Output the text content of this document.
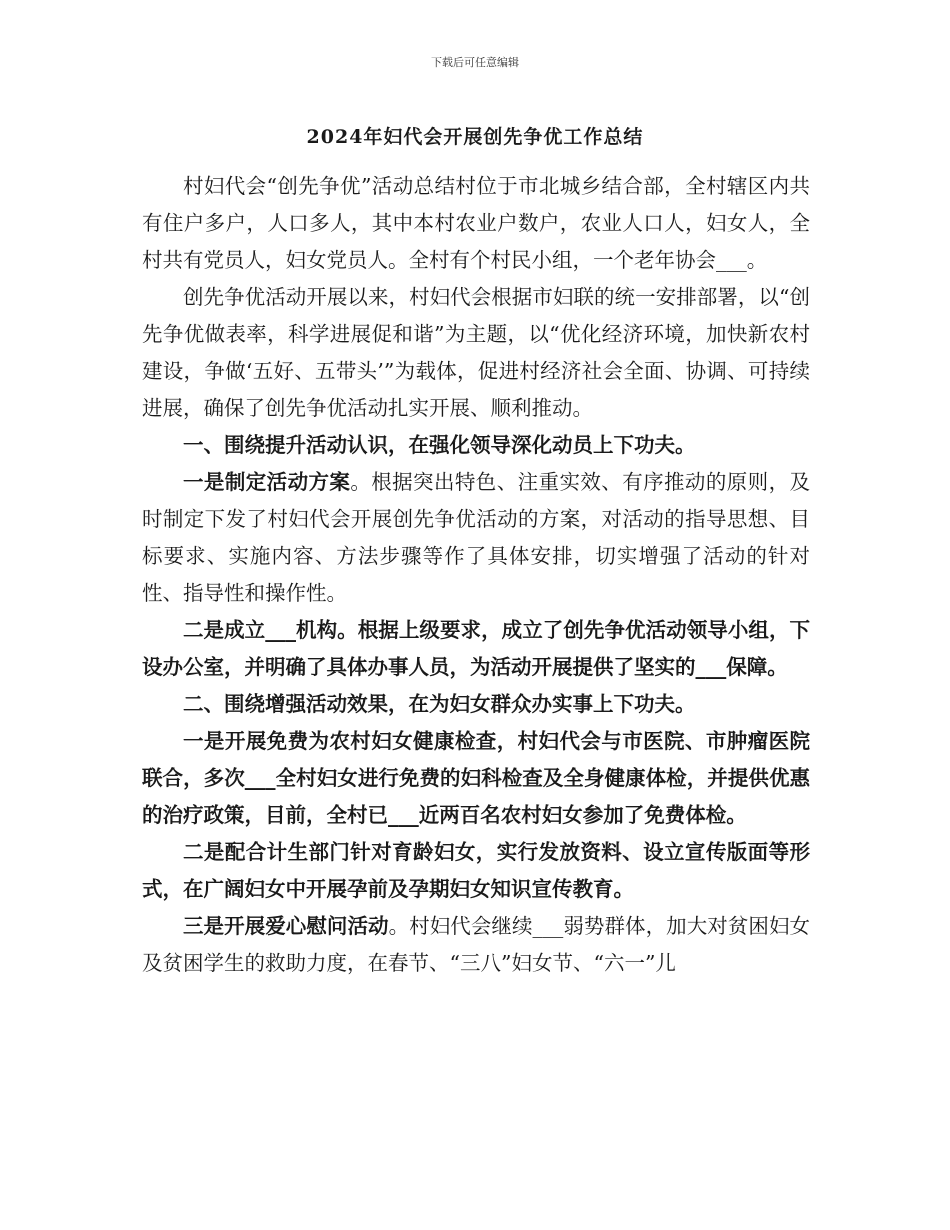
下载后可任意编辑
2024年妇代会开展创先争优工作总结

村妇代会“创先争优”活动总结村位于市北城乡结合部，全村辖区内共有住户多户，人口多人，其中本村农业户数户，农业人口人，妇女人，全村共有党员人，妇女党员人。全村有个村民小组，一个老年协会___。

创先争优活动开展以来，村妇代会根据市妇联的统一安排部署，以“创先争优做表率，科学进展促和谐”为主题，以“优化经济环境，加快新农村建设，争做‘五好、五带头’”为载体，促进村经济社会全面、协调、可持续进展，确保了创先争优活动扎实开展、顺利推动。

一、围绕提升活动认识，在强化领导深化动员上下功夫。

一是制定活动方案。根据突出特色、注重实效、有序推动的原则，及时制定下发了村妇代会开展创先争优活动的方案，对活动的指导思想、目标要求、实施内容、方法步骤等作了具体安排，切实增强了活动的针对性、指导性和操作性。

二是成立___机构。根据上级要求，成立了创先争优活动领导小组，下设办公室，并明确了具体办事人员，为活动开展提供了坚实的___保障。

二、围绕增强活动效果，在为妇女群众办实事上下功夫。

一是开展免费为农村妇女健康检查，村妇代会与市医院、市肿瘤医院联合，多次___全村妇女进行免费的妇科检查及全身健康体检，并提供优惠的治疗政策，目前，全村已___近两百名农村妇女参加了免费体检。

二是配合计生部门针对育龄妇女，实行发放资料、设立宣传版面等形式，在广阔妇女中开展孕前及孕期妇女知识宣传教育。

三是开展爱心慰问活动。村妇代会继续___弱势群体，加大对贫困妇女及贫困学生的救助力度，在春节、“三八”妇女节、“六一”儿
